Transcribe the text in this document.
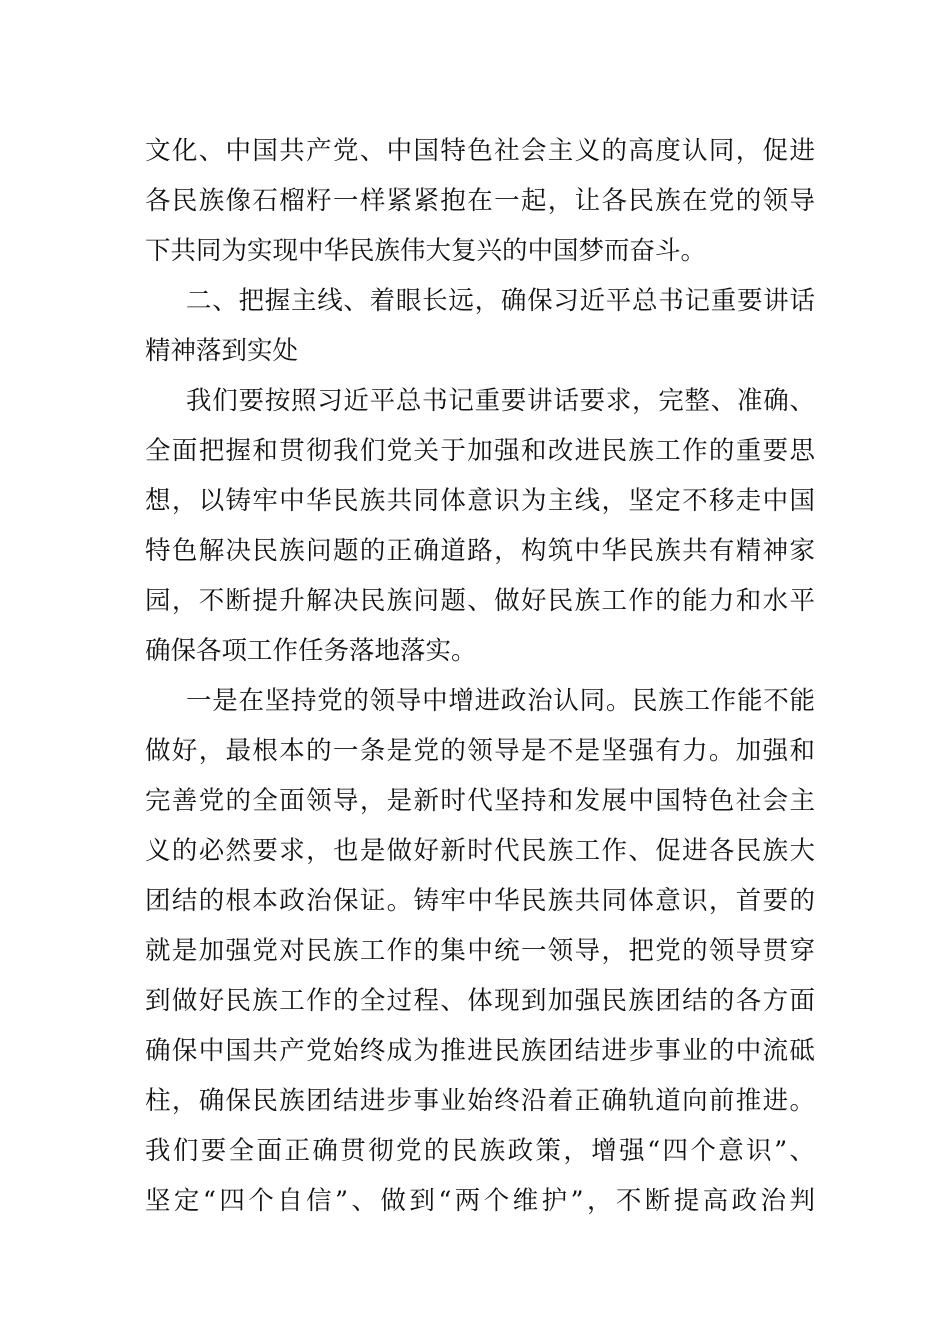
文化、中国共产党、中国特色社会主义的高度认同，促进
各民族像石榴籽一样紧紧抱在一起，让各民族在党的领导
下共同为实现中华民族伟大复兴的中国梦而奋斗。
二、把握主线、着眼长远，确保习近平总书记重要讲话
精神落到实处
我们要按照习近平总书记重要讲话要求，完整、准确、
全面把握和贯彻我们党关于加强和改进民族工作的重要思
想，以铸牢中华民族共同体意识为主线，坚定不移走中国
特色解决民族问题的正确道路，构筑中华民族共有精神家
园，不断提升解决民族问题、做好民族工作的能力和水平
确保各项工作任务落地落实。
一是在坚持党的领导中增进政治认同。民族工作能不能
做好，最根本的一条是党的领导是不是坚强有力。加强和
完善党的全面领导，是新时代坚持和发展中国特色社会主
义的必然要求，也是做好新时代民族工作、促进各民族大
团结的根本政治保证。铸牢中华民族共同体意识，首要的
就是加强党对民族工作的集中统一领导，把党的领导贯穿
到做好民族工作的全过程、体现到加强民族团结的各方面
确保中国共产党始终成为推进民族团结进步事业的中流砥
柱，确保民族团结进步事业始终沿着正确轨道向前推进。
我们要全面正确贯彻党的民族政策，增强“四个意识”、
坚定“四个自信”、做到“两个维护”，不断提高政治判
